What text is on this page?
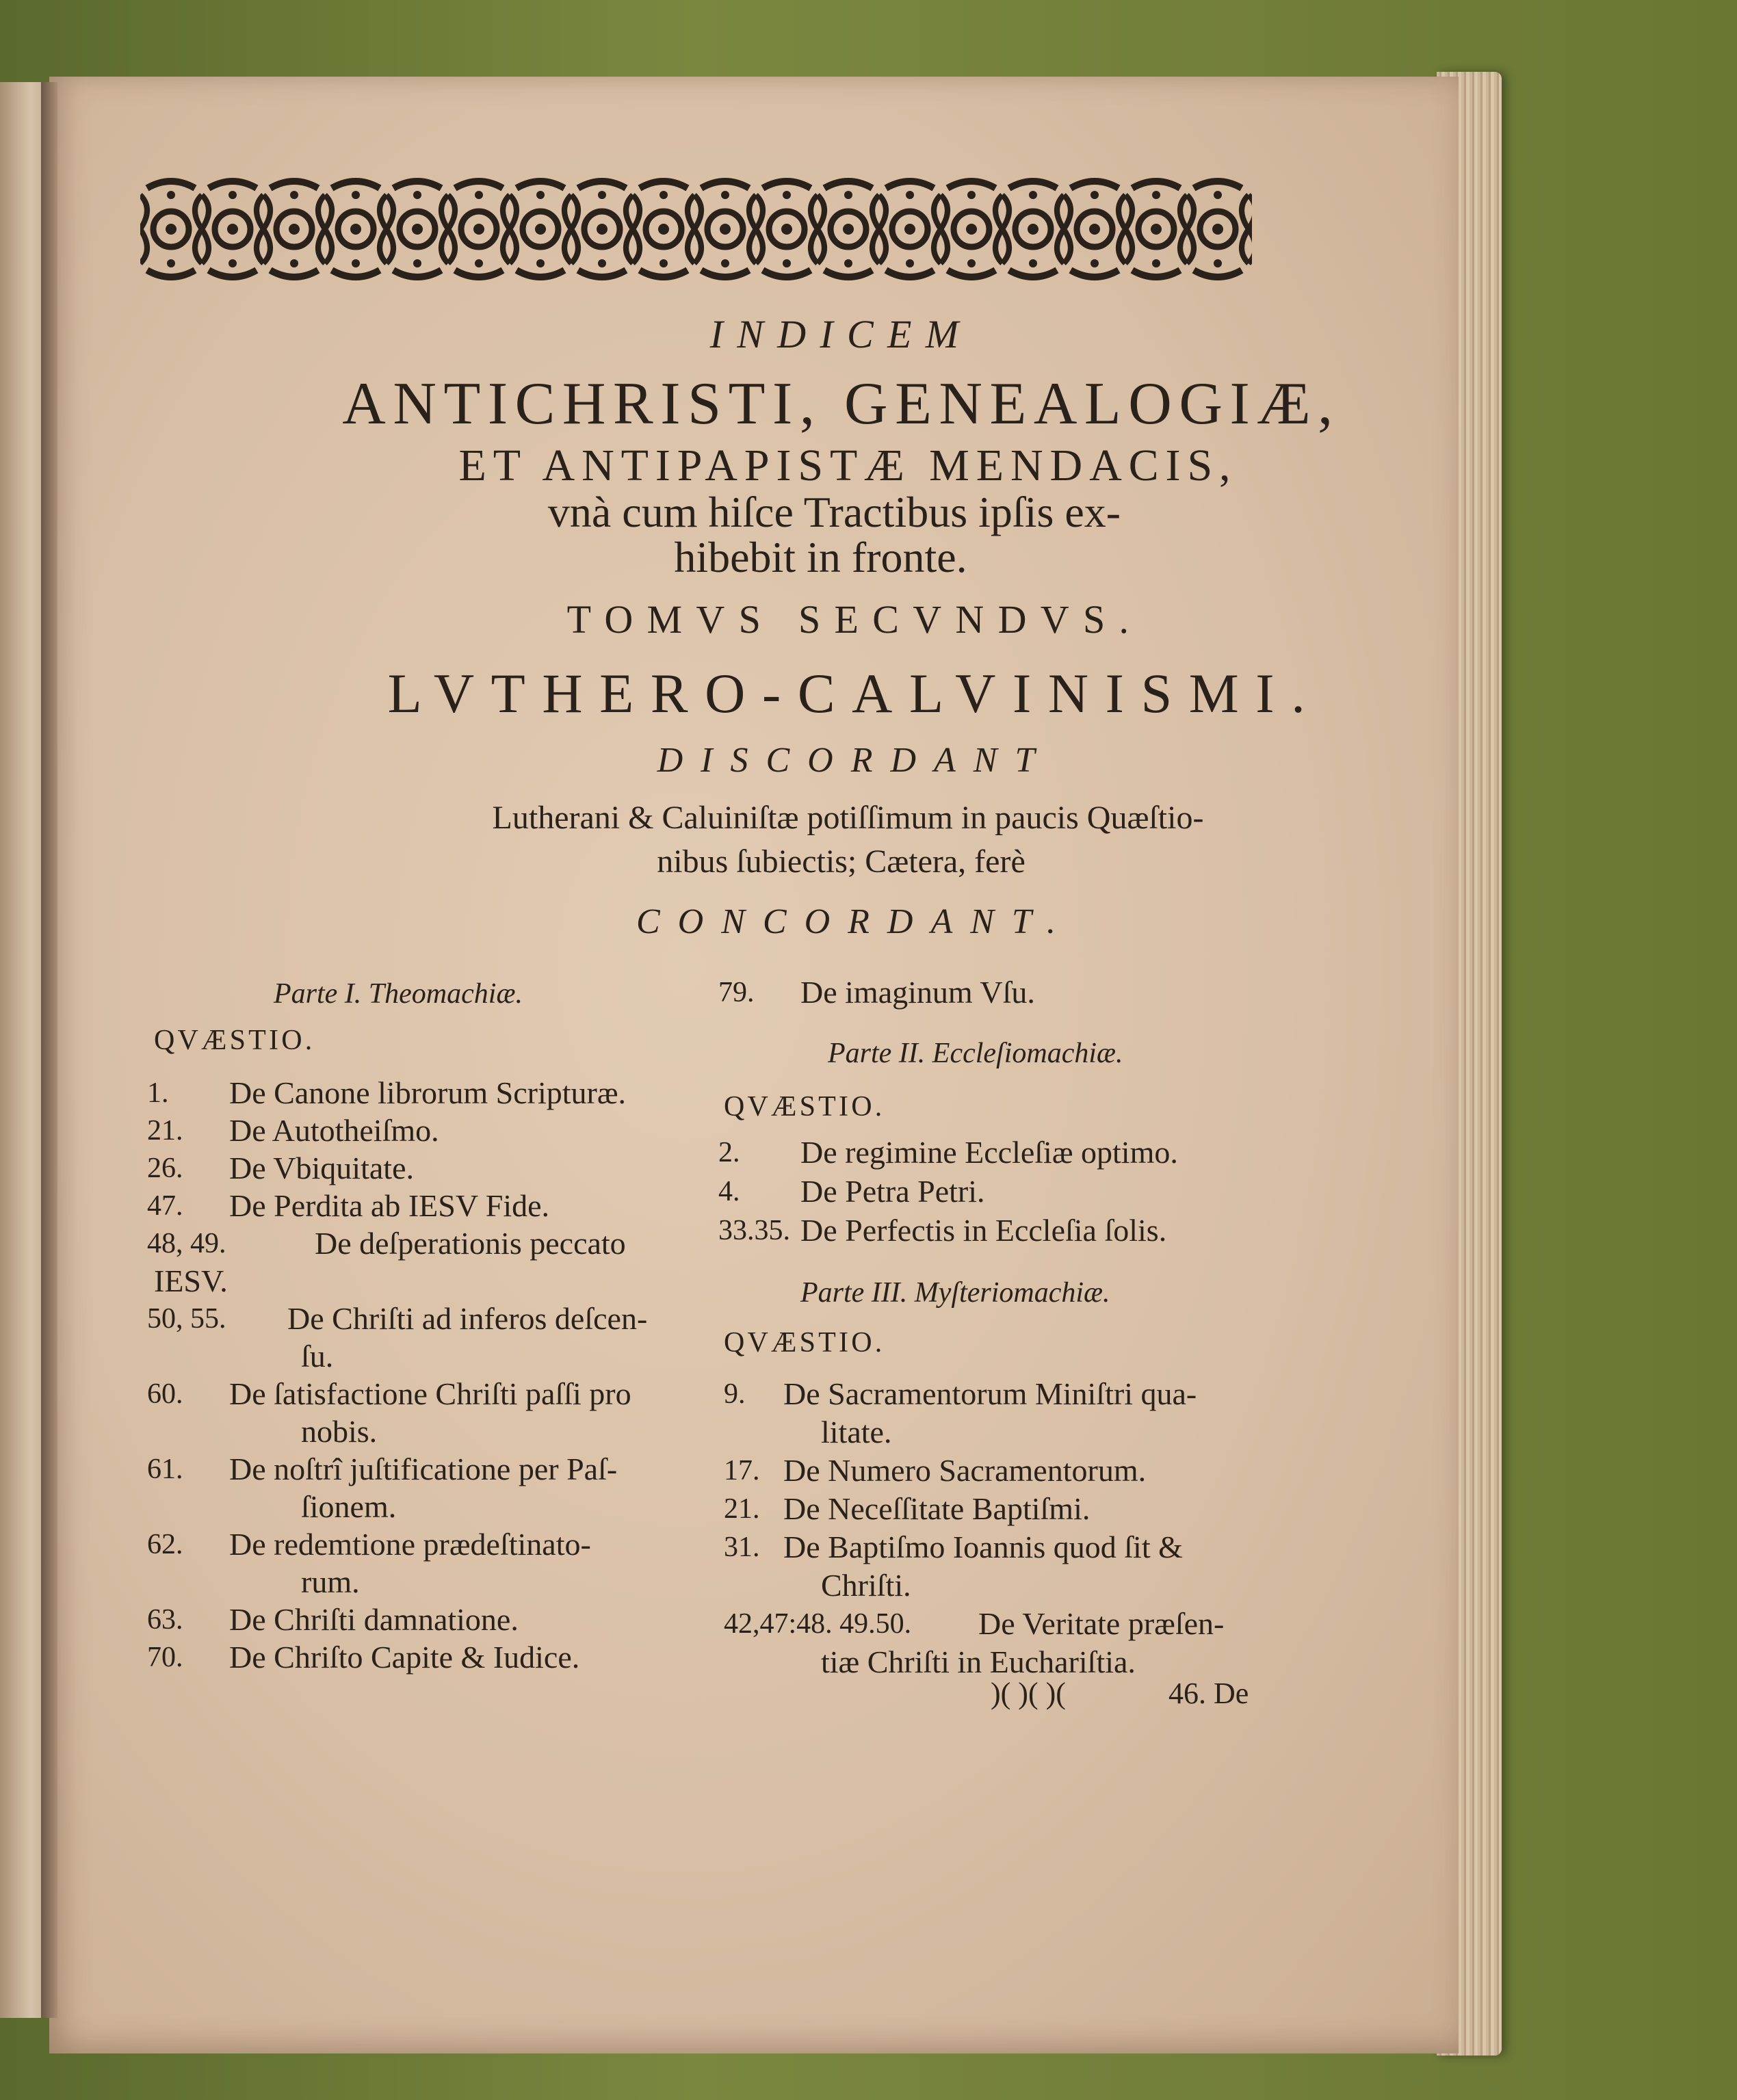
INDICEM
ANTICHRISTI, GENEALOGIÆ,
ET ANTIPAPISTÆ MENDACIS,
vnà cum hiſce Tractibus ipſis ex-
hibebit in fronte.
TOMVS SECVNDVS.
LVTHERO-CALVINISMI.
DISCORDANT
Lutherani & Caluiniſtæ potiſſimum in paucis Quæſtio-
nibus ſubiectis; Cætera, ferè
CONCORDANT.
Parte I. Theomachiæ.
QVÆSTIO.
1. De Canone librorum Scripturæ.
21. De Autotheiſmo.
26. De Vbiquitate.
47. De Perdita ab IESV Fide.
48, 49.	De deſperationis peccato
IESV.
50, 55. De Chriſti ad inferos deſcen-
ſu.
60. De ſatisfactione Chriſti paſſi pro
nobis.
61. De noſtrî juſtificatione per Paſ-
ſionem.
62. De redemtione prædeſtinato-
rum.
63. De Chriſti damnatione.
70. De Chriſto Capite & Iudice.
79. De imaginum Vſu.
Parte II. Eccleſiomachiæ.
QVÆSTIO.
2. De regimine Eccleſiæ optimo.
4. De Petra Petri.
33.35. De Perfectis in Eccleſia ſolis.
Parte III. Myſteriomachiæ.
QVÆSTIO.
9. De Sacramentorum Miniſtri qua-
litate.
17. De Numero Sacramentorum.
21. De Neceſſitate Baptiſmi.
31. De Baptiſmo Ioannis quod ſit &
Chriſti.
42,47:48. 49.50. De Veritate præſen-
tiæ Chriſti in Euchariſtia.
)( )( )(	46. De
